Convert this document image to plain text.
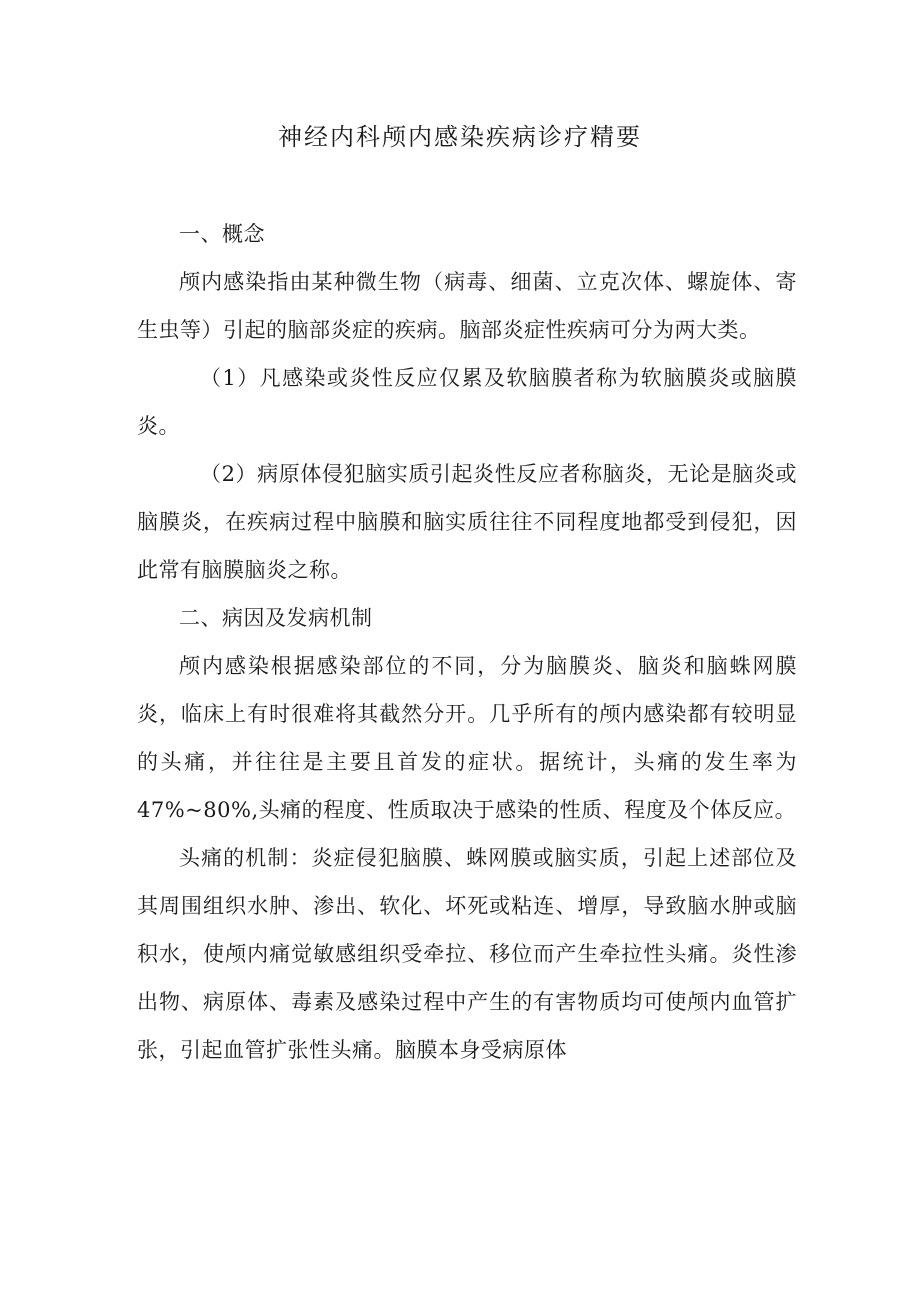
神经内科颅内感染疾病诊疗精要

一、概念

颅内感染指由某种微生物（病毒、细菌、立克次体、螺旋体、寄生虫等）引起的脑部炎症的疾病。脑部炎症性疾病可分为两大类。

（1）凡感染或炎性反应仅累及软脑膜者称为软脑膜炎或脑膜炎。

（2）病原体侵犯脑实质引起炎性反应者称脑炎，无论是脑炎或脑膜炎，在疾病过程中脑膜和脑实质往往不同程度地都受到侵犯，因此常有脑膜脑炎之称。

二、病因及发病机制

颅内感染根据感染部位的不同，分为脑膜炎、脑炎和脑蛛网膜炎，临床上有时很难将其截然分开。几乎所有的颅内感染都有较明显的头痛，并往往是主要且首发的症状。据统计，头痛的发生率为47%~80%,头痛的程度、性质取决于感染的性质、程度及个体反应。

头痛的机制：炎症侵犯脑膜、蛛网膜或脑实质，引起上述部位及其周围组织水肿、渗出、软化、坏死或粘连、增厚，导致脑水肿或脑积水，使颅内痛觉敏感组织受牵拉、移位而产生牵拉性头痛。炎性渗出物、病原体、毒素及感染过程中产生的有害物质均可使颅内血管扩张，引起血管扩张性头痛。脑膜本身受病原体
